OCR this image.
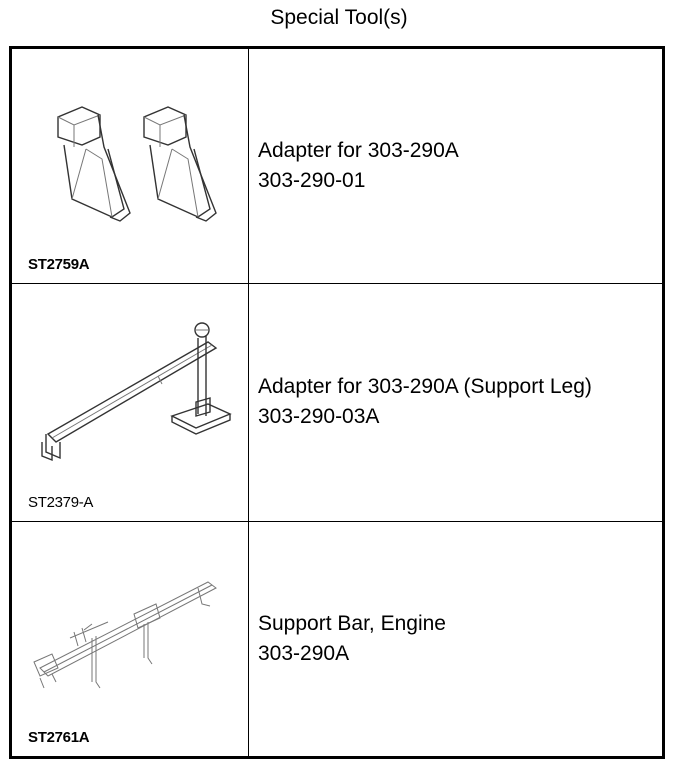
Special Tool(s)
ST2759A	Adapter for 303-290A
303-290-01

ST2379-A	Adapter for 303-290A (Support Leg)
303-290-03A

ST2761A	Support Bar, Engine
303-290A
